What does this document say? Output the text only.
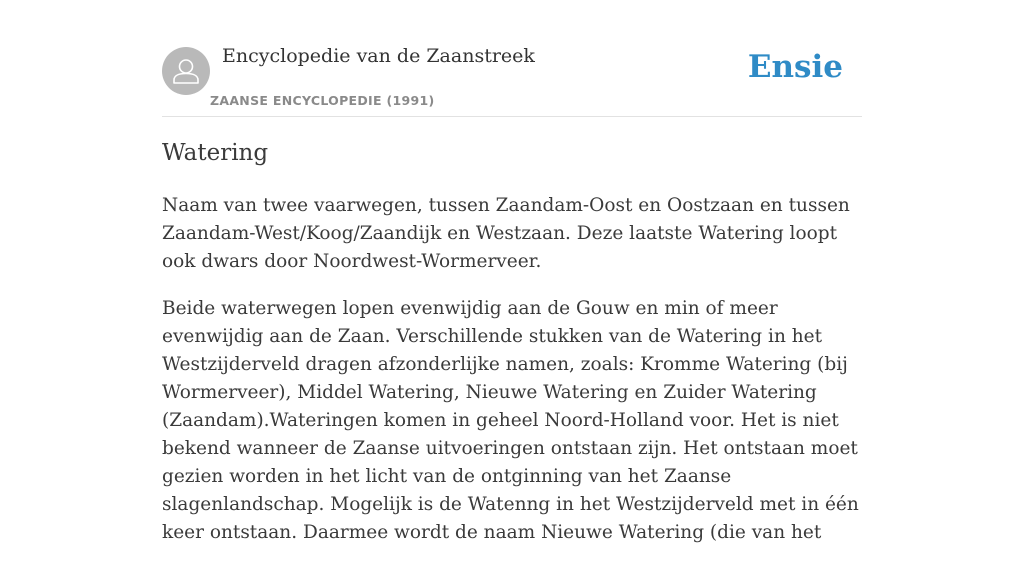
Encyclopedie van de Zaanstreek
ZAANSE ENCYCLOPEDIE (1991)
Ensie
Watering

Naam van twee vaarwegen, tussen Zaandam-Oost en Oostzaan en tussen Zaandam-West/Koog/Zaandijk en Westzaan. Deze laatste Watering loopt ook dwars door Noordwest-Wormerveer.

Beide waterwegen lopen evenwijdig aan de Gouw en min of meer evenwijdig aan de Zaan. Verschillende stukken van de Watering in het Westzijderveld dragen afzonderlijke namen, zoals: Kromme Watering (bij Wormerveer), Middel Watering, Nieuwe Watering en Zuider Watering (Zaandam).Wateringen komen in geheel Noord-Holland voor. Het is niet bekend wanneer de Zaanse uitvoeringen ontstaan zijn. Het ontstaan moet gezien worden in het licht van de ontginning van het Zaanse slagenlandschap. Mogelijk is de Watenng in het Westzijderveld met in één keer ontstaan. Daarmee wordt de naam Nieuwe Watering (die van het
